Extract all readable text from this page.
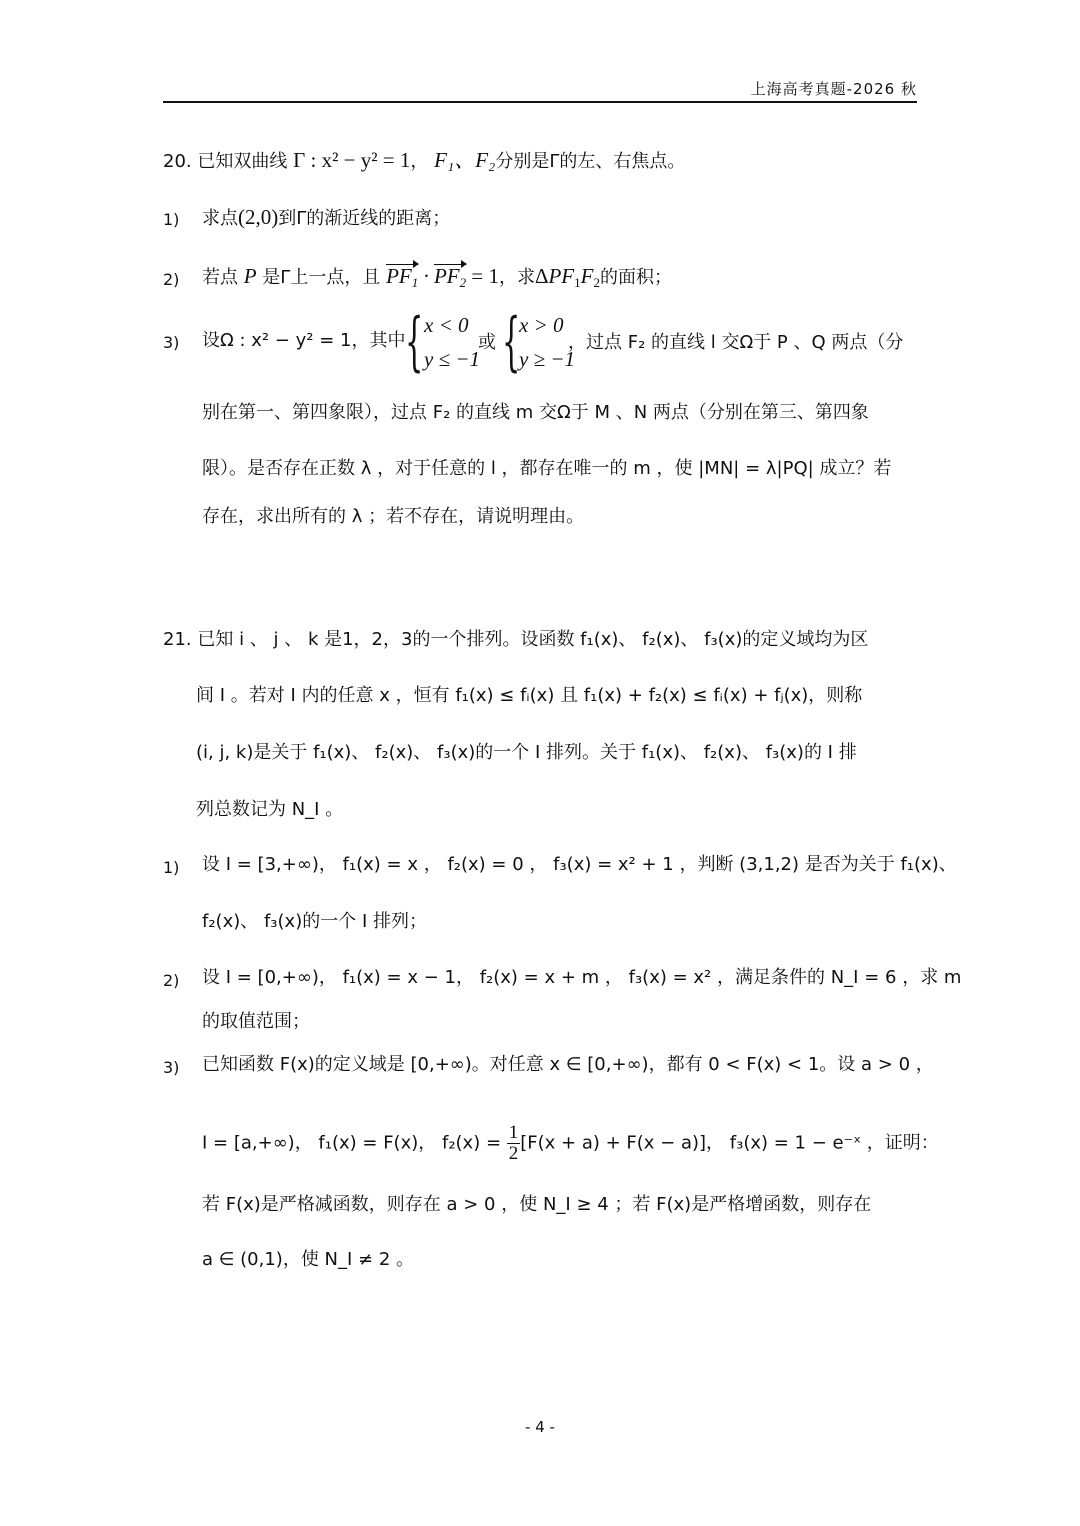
上海高考真题-2026 秋
20. 已知双曲线 Γ : x² − y² = 1， F₁、F₂分别是Γ的左、右焦点。
1) 求点(2,0)到Γ的渐近线的距离；
2) 若点 P 是Γ上一点，且 $PF_1 \cdot PF_2 = 1$，求$\Delta PF_1F_2$的面积；
3) 设Ω : x² − y² = 1，其中 { x < 0
y ≤ −1
或 {
x > 0
y ≥ −1
，过点 F₂ 的直线 l 交Ω于 P 、Q 两点（分
别在第一、第四象限），过点 F₂ 的直线 m 交Ω于 M 、N 两点（分别在第三、第四象
限）。是否存在正数 λ ，对于任意的 l ，都存在唯一的 m ，使 |MN| = λ|PQ| 成立？若
存在，求出所有的 λ ；若不存在，请说明理由。
21. 已知 i 、 j 、 k 是1，2，3的一个排列。设函数 f₁(x)、 f₂(x)、 f₃(x)的定义域均为区
间 I 。若对 I 内的任意 x ，恒有 f₁(x) ≤ fᵢ(x) 且 f₁(x) + f₂(x) ≤ fᵢ(x) + fⱼ(x)，则称
(i, j, k)是关于 f₁(x)、 f₂(x)、 f₃(x)的一个 I 排列。关于 f₁(x)、 f₂(x)、 f₃(x)的 I 排
列总数记为 N_I 。
1) 设 I = [3,+∞)， f₁(x) = x ， f₂(x) = 0 ， f₃(x) = x² + 1 ，判断 (3,1,2) 是否为关于 f₁(x)、
f₂(x)、 f₃(x)的一个 I 排列；
2) 设 I = [0,+∞)， f₁(x) = x − 1， f₂(x) = x + m ， f₃(x) = x² ，满足条件的 N_I = 6 ，求 m
的取值范围；
3) 已知函数 F(x)的定义域是 [0,+∞)。对任意 x ∈ [0,+∞)，都有 0 < F(x) < 1。设 a > 0 ，
I = [a,+∞)， f₁(x) = F(x)， $f_2(x) = \frac{1}{2} [F(x + a) + F(x - a)]$， f₃(x) = 1 − e⁻ˣ ，证明：
若 F(x)是严格减函数，则存在 a > 0 ，使 N_I ≥ 4 ；若 F(x)是严格增函数，则存在
a ∈ (0,1)，使 N_I ≠ 2 。
- 4 -
